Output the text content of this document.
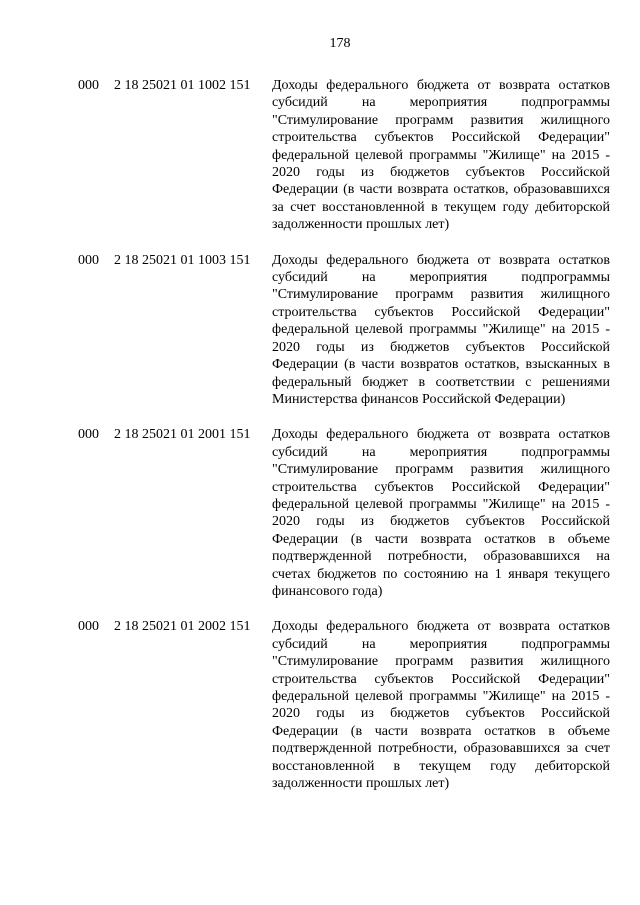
178
000	2 18 25021 01 1002 151	Доходы федерального бюджета от возврата остатков субсидий на мероприятия подпрограммы "Стимулирование программ развития жилищного строительства субъектов Российской Федерации" федеральной целевой программы "Жилище" на 2015 - 2020 годы из бюджетов субъектов Российской Федерации (в части возврата остатков, образовавшихся за счет восстановленной в текущем году дебиторской задолженности прошлых лет)
000	2 18 25021 01 1003 151	Доходы федерального бюджета от возврата остатков субсидий на мероприятия подпрограммы "Стимулирование программ развития жилищного строительства субъектов Российской Федерации" федеральной целевой программы "Жилище" на 2015 - 2020 годы из бюджетов субъектов Российской Федерации (в части возвратов остатков, взысканных в федеральный бюджет в соответствии с решениями Министерства финансов Российской Федерации)
000	2 18 25021 01 2001 151	Доходы федерального бюджета от возврата остатков субсидий на мероприятия подпрограммы "Стимулирование программ развития жилищного строительства субъектов Российской Федерации" федеральной целевой программы "Жилище" на 2015 - 2020 годы из бюджетов субъектов Российской Федерации (в части возврата остатков в объеме подтвержденной потребности, образовавшихся на счетах бюджетов по состоянию на 1 января текущего финансового года)
000	2 18 25021 01 2002 151	Доходы федерального бюджета от возврата остатков субсидий на мероприятия подпрограммы "Стимулирование программ развития жилищного строительства субъектов Российской Федерации" федеральной целевой программы "Жилище" на 2015 - 2020 годы из бюджетов субъектов Российской Федерации (в части возврата остатков в объеме подтвержденной потребности, образовавшихся за счет восстановленной в текущем году дебиторской задолженности прошлых лет)
